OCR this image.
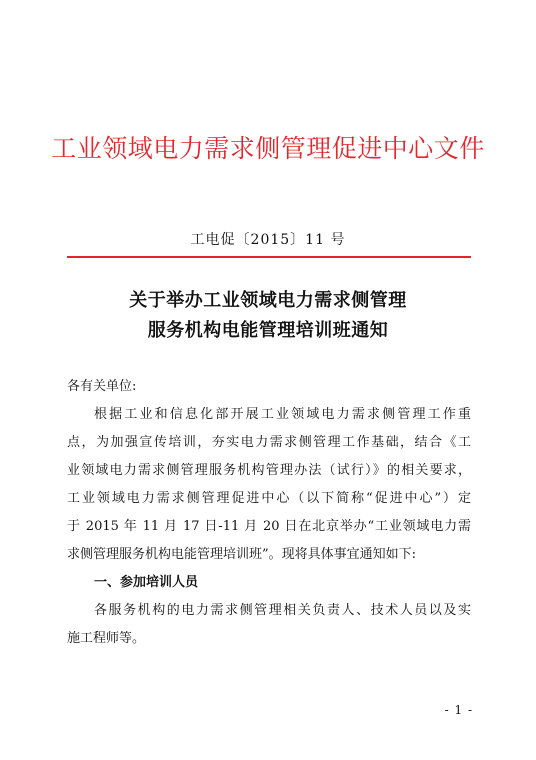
工业领域电力需求侧管理促进中心文件
工电促〔2015〕11 号
关于举办工业领域电力需求侧管理
服务机构电能管理培训班通知
各有关单位:
根据工业和信息化部开展工业领域电力需求侧管理工作重
点，为加强宣传培训，夯实电力需求侧管理工作基础，结合《工
业领域电力需求侧管理服务机构管理办法（试行）》的相关要求，
工业领域电力需求侧管理促进中心（以下简称“促进中心”）定
于 2015 年 11 月 17 日-11 月 20 日在北京举办“工业领域电力需
求侧管理服务机构电能管理培训班”。现将具体事宜通知如下:
一、参加培训人员
各服务机构的电力需求侧管理相关负责人、技术人员以及实
施工程师等。
- 1 -
